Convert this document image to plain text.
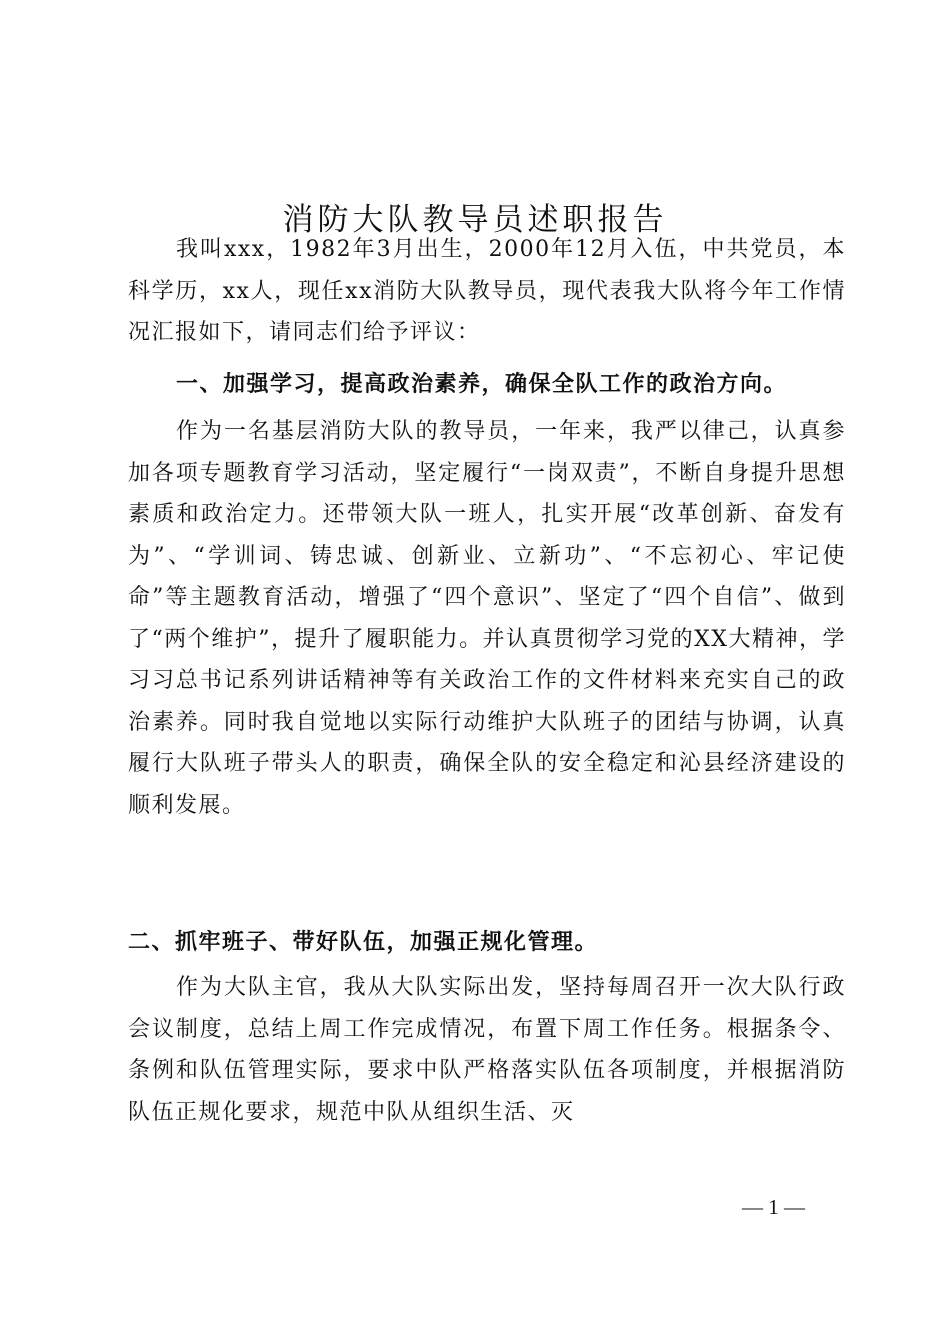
消防大队教导员述职报告

我叫xxx，1982年3月出生，2000年12月入伍，中共党员，本科学历，xx人，现任xx消防大队教导员，现代表我大队将今年工作情况汇报如下，请同志们给予评议：

一、加强学习，提高政治素养，确保全队工作的政治方向。

作为一名基层消防大队的教导员，一年来，我严以律己，认真参加各项专题教育学习活动，坚定履行“一岗双责”，不断自身提升思想素质和政治定力。还带领大队一班人，扎实开展“改革创新、奋发有为”、“学训词、铸忠诚、创新业、立新功”、“不忘初心、牢记使命”等主题教育活动，增强了“四个意识”、坚定了“四个自信”、做到了“两个维护”，提升了履职能力。并认真贯彻学习党的XX大精神，学习习总书记系列讲话精神等有关政治工作的文件材料来充实自己的政治素养。同时我自觉地以实际行动维护大队班子的团结与协调，认真履行大队班子带头人的职责，确保全队的安全稳定和沁县经济建设的顺利发展。

二、抓牢班子、带好队伍，加强正规化管理。

作为大队主官，我从大队实际出发，坚持每周召开一次大队行政会议制度，总结上周工作完成情况，布置下周工作任务。根据条令、条例和队伍管理实际，要求中队严格落实队伍各项制度，并根据消防队伍正规化要求，规范中队从组织生活、灭

— 1 —
